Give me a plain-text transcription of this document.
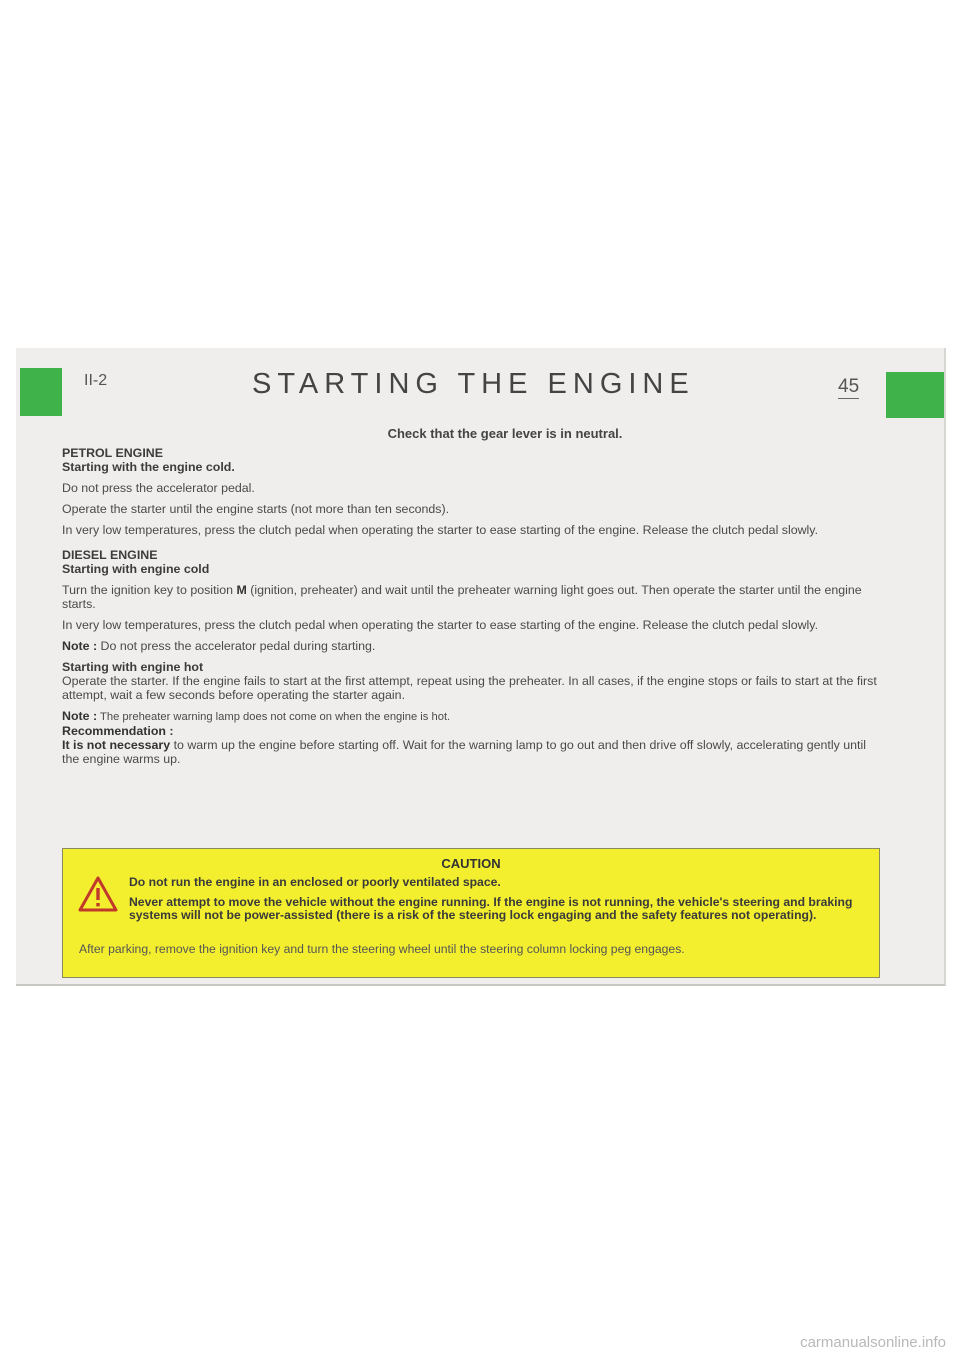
II-2	STARTING THE ENGINE	45
Check that the gear lever is in neutral.

PETROL ENGINE

Starting with the engine cold.

Do not press the accelerator pedal.

Operate the starter until the engine starts (not more than ten seconds).

In very low temperatures, press the clutch pedal when operating the starter to ease starting of the engine. Release the clutch pedal slowly.

DIESEL ENGINE

Starting with engine cold

Turn the ignition key to position M (ignition, preheater) and wait until the preheater warning light goes out. Then operate the starter until the engine starts.

In very low temperatures, press the clutch pedal when operating the starter to ease starting of the engine. Release the clutch pedal slowly.

Note : Do not press the accelerator pedal during starting.

Starting with engine hot

Operate the starter. If the engine fails to start at the first attempt, repeat using the preheater. In all cases, if the engine stops or fails to start at the first attempt, wait a few seconds before operating the starter again.

Note : The preheater warning lamp does not come on when the engine is hot.

Recommendation :

It is not necessary to warm up the engine before starting off. Wait for the warning lamp to go out and then drive off slowly, accelerating gently until the engine warms up.

CAUTION

Do not run the engine in an enclosed or poorly ventilated space.

Never attempt to move the vehicle without the engine running. If the engine is not running, the vehicle's steering and braking systems will not be power-assisted (there is a risk of the steering lock engaging and the safety features not operating).

After parking, remove the ignition key and turn the steering wheel until the steering column locking peg engages.
carmanualsonline.info
